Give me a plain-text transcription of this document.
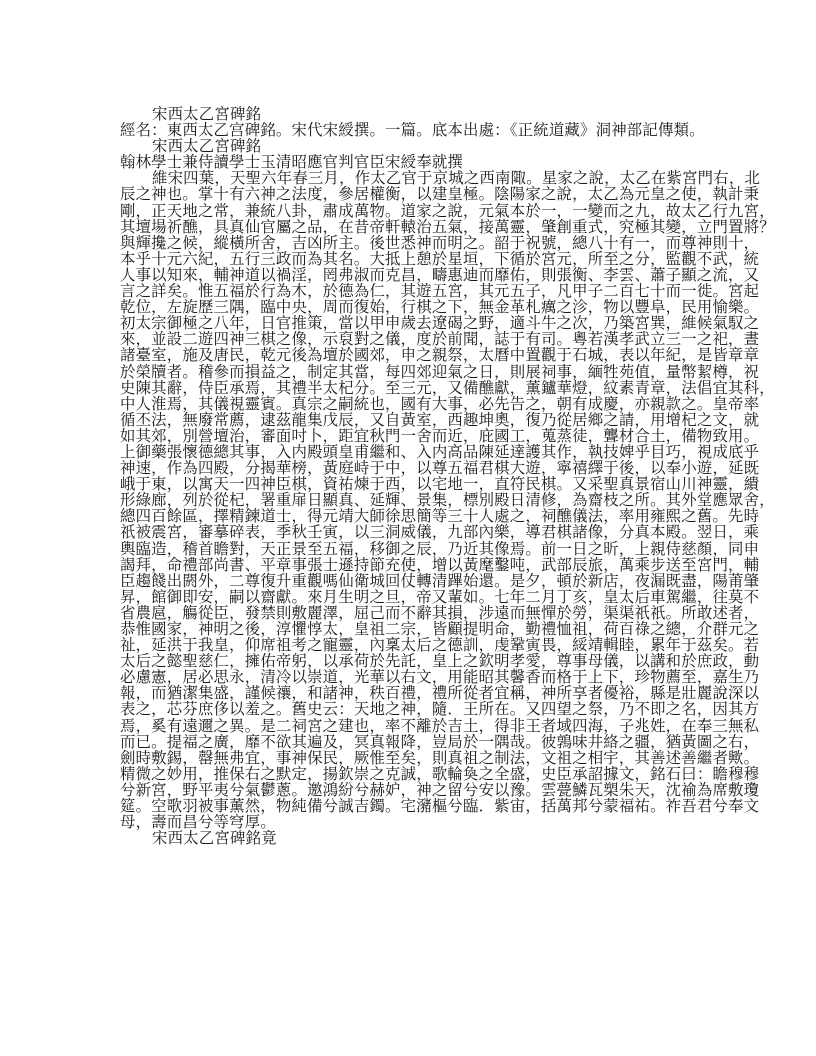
宋西太乙宮碑銘
經名：東西太乙宫碑銘。宋代宋綬撰。一篇。底本出處：《正統道藏》洞神部記傳類。
宋西太乙宮碑銘
翰林學士兼侍讀學士玉清昭應官判官臣宋綬奉就撰
維宋四葉，天聖六年春三月，作太乙官于京城之西南陬。星家之說，太乙在紫宮門右，北
辰之神也。掌十有六神之法度，參居權衡，以建皇極。陰陽家之說，太乙為元皇之使，執計秉
剛，正天地之常，兼統八卦，肅成萬物。道家之說，元氣本於一，一變而之九，故太乙行九宮，
其壇場祈醮，具真仙官屬之品，在昔帝軒轅治五氣，接萬靈，肇創重式，究極其變，立門置將？
與輝攙之候，縱橫所舍，吉凶所主。後世悉神而明之。韶于祝號，總八十有一，而尊神則十，
本乎十元六紀，五行三政而為其名。大抵上憩於星垣，下循於宮元，所至之分，監觀不武，統
人事以知來，輔神道以禍淫，罔弗淑而克昌，疇惠迪而靡佑，則張衡、李雲、蕭子顯之流，又
言之詳矣。惟五福於行為木，於德為仁，其遊五宮，其元五子，凡甲子二百七十而一徙。宮起
乾位，左旋歷三隅，臨中央，周而復始，行棋之下，無金革札癘之沴，物以豐阜，民用愉樂。
初太宗御極之八年，日官推策，當以甲申歲去遼碣之野，適斗牛之次，乃築宮巽，維候氣馭之
來，並設二遊四神三棋之像，示裒對之儀，度於前聞，誌于有司。粵若漢孝武立三一之祀，晝
諸臺室，施及唐民，乾元後為壇於國郊，申之親祭，太曆中置觀于石城，表以年紀，是皆章章
於榮牘者。稽參而損益之，制定其當，每四郊迎氣之日，則展祠事，緬牲苑值，量幣絜樽，祝
史陳其辭，侍臣承焉，其禮半太杞分。至三元，又備醮獻，薰鑪華燈，紋素青章，法倡宜其科，
中人淮焉，其儀視靈賓。真宗之嗣統也，國有大事，必先告之，朝有成慶，亦親款之。皇帝率
循丕法，無廢常薦，逮茲龍集戊辰，又自黃室，西趣坤奧，復乃從居鄉之請，用增杞之文，就
如其郊，別營壇治，審面吋卜，距宜秋門一舍而近，庇國工，蒐蒸徒，聾材合土，備物致用。
上御藥張懷德總其事，入内殿頭皇甫繼和、入内高品陳延達護其作，執技婢乎目巧，視成底乎
神速，作為四殿，分揭華榜，黃庭峙于中，以尊五福君棋大遊，寧禧繹于後，以奉小遊，延既
峨于東，以寓天一四神臣棋，資祐煉于西，以宅地一，直符民棋。又采聖真景宿山川神靈，繢
形綠廊，列於從杞，署重扉日顯真、延輝、景集，標別殿日清修，為齋枝之所。其外堂應眾舍，
總四百餘區，擇精鍊道士，得元靖大師徐思簡等三十人處之，祠醮儀法，率用雍熙之舊。先時
祇被震宮，審摹碎表，季秋壬寅，以三洞威儀，九部內樂，導君棋諸像，分真本殿。翌日，乘
輿臨造，稽首瞻對，天正景至五福，移御之辰，乃近其像焉。前一日之昕，上親侍慈顏，同申
謁拜，命禮部尚書、平章事張士遜持節充使，增以黃麾鑿吨，武部辰旅，萬乘步送至宮門，輔
臣趨餞出閼外，二尊復升重觀嗎仙衛城回仗轉清蹕始還。是夕，頓於新店，夜漏既盡，陽莆肇
昇，館御即安，嗣以齋獻。來月生明之旦，帝又輩如。七年二月丁亥，皇太后車駕繼，往莫不
省農扈，觴從臣，發禁則敷麗澤，屈己而不辭其損，涉遠而無憚於勞，渠渠祇祇。所敢述者，
恭惟國家，神明之後，淳懼惇太，皇祖二宗，皆顧提明命，勤禮恤祖，荷百祿之總，介群元之
祉，延洪于我皇，仰席祖考之寵靈，內稟太后之德訓，虔鞏寅畏，綏靖輯睦，累年于茲矣。若
太后之懿聖慈仁，擁佑帝躬，以承荷於先託，皇上之欽明孝愛，尊事母儀，以講和於庶政，動
必慮憲，居必思永，清冷以崇道，光華以右文，用能昭其馨香而格于上下，珍物薦至，嘉生乃
報，而猶潔集盛，謹候禳，和諸神，秩百禮，禮所從者宜稱，神所享者優裕，縣是壯麗說深以
表之，芯芬庶侈以羞之。舊史云：天地之神，隨．王所在。又四望之祭，乃不即之名，因其方
焉，奚有遠邇之異。是二祠宮之建也，率不離於吉土，得非王者域四海，子兆姓，在奉三無私
而已。提福之廣，靡不欲其遍及，冥真報降，豈局於一隅哉。彼鶉味井絡之疆，猶黃圖之右，
劍時敷錫，罄無弗宜，事神保民，厥惟至矣，則真祖之制法，文祖之相宇，其善述善繼者歟。
精微之妙用，推保右之默定，揚欽崇之克誠，歌輪奐之全盛，史臣承詔據文，銘石曰：瞻穆穆
兮新宮，野平夷兮氣鬱蔥。邀鴻紛兮赫妒，神之留兮安以豫。雲甍鱗瓦槊朱天，沈褕為席敷瓊
筵。空歌羽被事薰然，物純備兮誠吉鐲。宅瀦樞兮臨．紫宙，括萬邦兮蒙福祐。祚吾君兮奉文
母，壽而昌兮等穹厚。
宋西太乙宮碑銘竟
